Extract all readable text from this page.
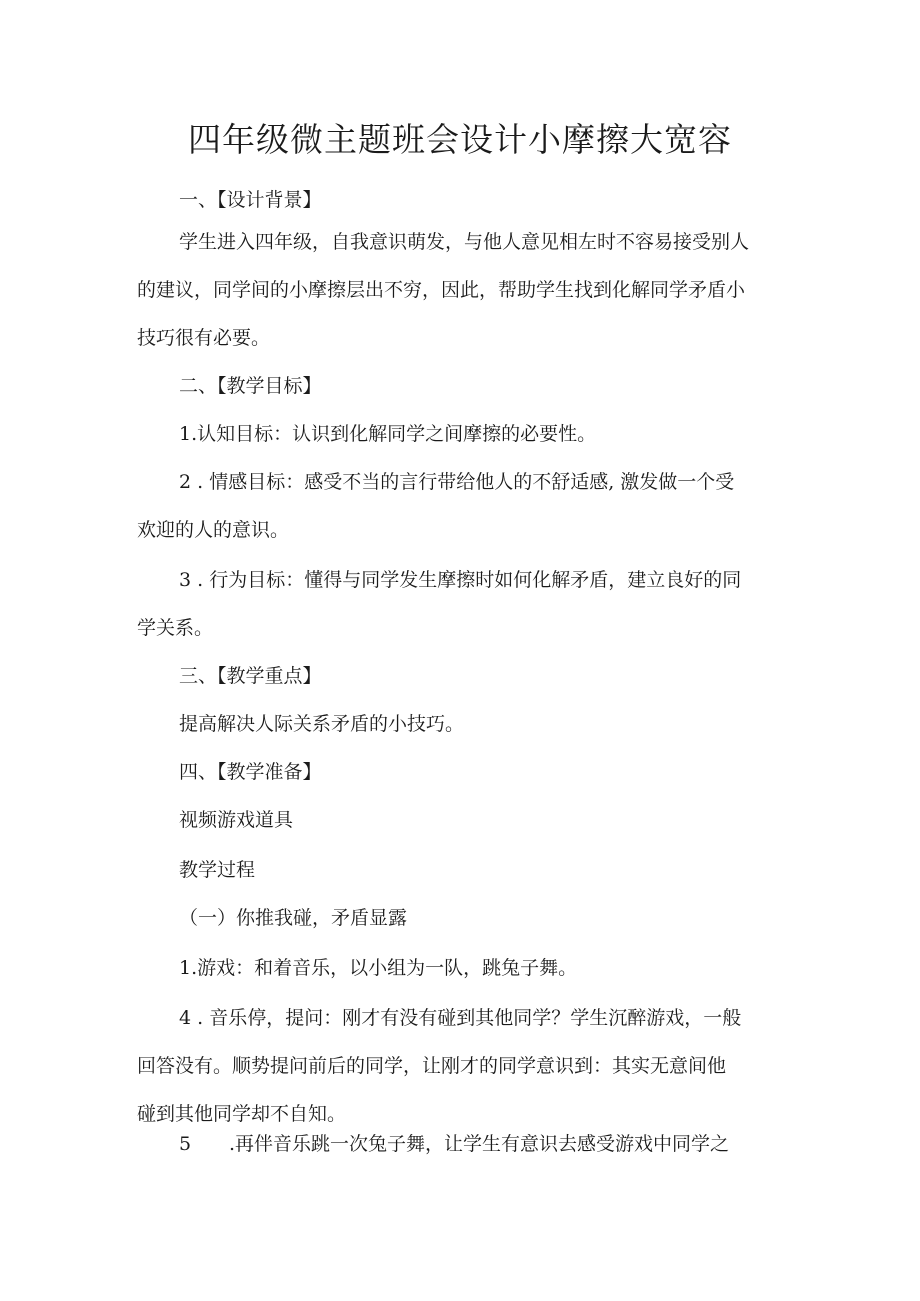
四年级微主题班会设计小摩擦大宽容
一、【设计背景】
学生进入四年级，自我意识萌发，与他人意见相左时不容易接受别人
的建议，同学间的小摩擦层出不穷，因此，帮助学生找到化解同学矛盾小
技巧很有必要。
二、【教学目标】
1.认知目标：认识到化解同学之间摩擦的必要性。
2 . 情感目标：感受不当的言行带给他人的不舒适感, 激发做一个受
欢迎的人的意识。
3 . 行为目标：懂得与同学发生摩擦时如何化解矛盾，建立良好的同
学关系。
三、【教学重点】
提高解决人际关系矛盾的小技巧。
四、【教学准备】
视频游戏道具
教学过程
（一）你推我碰，矛盾显露
1.游戏：和着音乐，以小组为一队，跳兔子舞。
4 . 音乐停，提问：刚才有没有碰到其他同学？学生沉醉游戏，一般
回答没有。顺势提问前后的同学，让刚才的同学意识到：其实无意间他
碰到其他同学却不自知。
5 .再伴音乐跳一次兔子舞，让学生有意识去感受游戏中同学之
